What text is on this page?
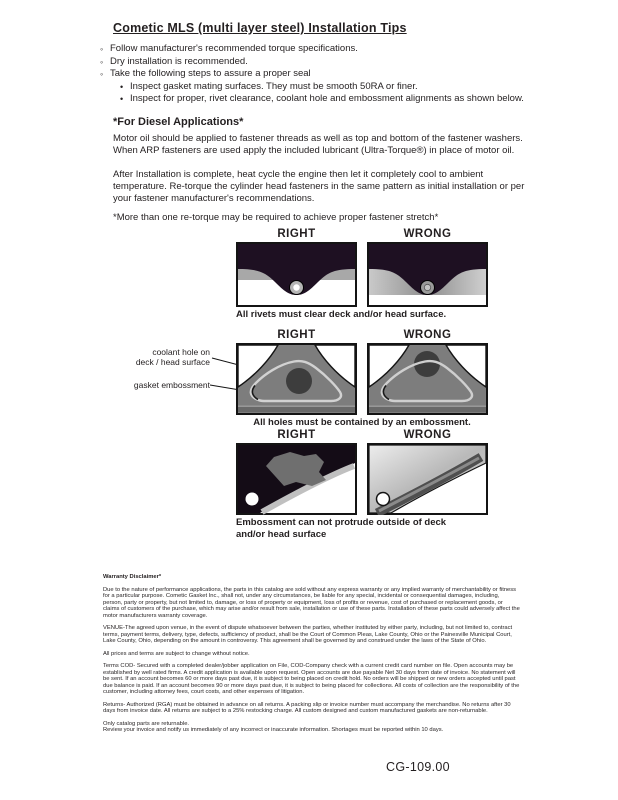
Cometic MLS (multi layer steel) Installation Tips
◦ Follow manufacturer's recommended torque specifications.
◦ Dry installation is recommended.
◦ Take the following steps to assure a proper seal
• Inspect gasket mating surfaces. They must be smooth 50RA or finer.
• Inspect for proper, rivet clearance, coolant hole and embossment alignments as shown below.
*For Diesel Applications*
Motor oil should be applied to fastener threads as well as top and bottom of the fastener washers. When ARP fasteners are used apply the included lubricant (Ultra-Torque®) in place of motor oil.
After Installation is complete, heat cycle the engine then let it completely cool to ambient temperature. Re-torque the cylinder head fasteners in the same pattern as initial installation or per your fastener manufacturer's recommendations.
*More than one re-torque may be required to achieve proper fastener stretch*
RIGHT	WRONG
All rivets must clear deck and/or head surface.
coolant hole on
deck / head surface
gasket embossment
RIGHT	WRONG
All holes must be contained by an embossment.
RIGHT	WRONG
Embossment can not protrude outside of deck
and/or head surface
Warranty Disclaimer*

Due to the nature of performance applications, the parts in this catalog are sold without any express warranty or any implied warranty of merchantability or fitness for a particular purpose. Cometic Gasket Inc., shall not, under any circumstances, be liable for any special, incidental or consequential damages, including, person, party or property, but not limited to, damage, or loss of property or equipment, loss of profits or revenue, cost of purchased or replacement goods, or claims of customers of the purchase, which may arise and/or result from sale, installation or use of these parts. Installation of these parts could adversely affect the motor manufacturers warranty coverage.

VENUE-The agreed upon venue, in the event of dispute whatsoever between the parties, whether instituted by either party, including, but not limited to, contract terms, payment terms, delivery, type, defects, sufficiency of product, shall be the Court of Common Pleas, Lake County, Ohio or the Painesville Municipal Court, Lake County, Ohio, depending on the amount in controversy. This agreement shall be governed by and construed under the laws of the State of Ohio.

All prices and terms are subject to change without notice.

Terms COD- Secured with a completed dealer/jobber application on File, COD-Company check with a current credit card number on file. Open accounts may be established by well rated firms. A credit application is available upon request. Open accounts are due payable Net 30 days from date of invoice. No statement will be sent. If an account becomes 60 or more days past due, it is subject to being placed on credit hold. No orders will be shipped or new orders accepted until past due balance is paid. If an account becomes 90 or more days past due, it is subject to being placed for collections. All costs of collection are the responsibility of the customer, including attorney fees, court costs, and other expenses of litigation.

Returns- Authorized (RGA) must be obtained in advance on all returns. A packing slip or invoice number must accompany the merchandise. No returns after 30 days from invoice date. All returns are subject to a 25% restocking charge. All custom designed and custom manufactured gaskets are non-returnable.

Only catalog parts are returnable.

Review your invoice and notify us immediately of any incorrect or inaccurate information. Shortages must be reported within 10 days.

CG-109.00
